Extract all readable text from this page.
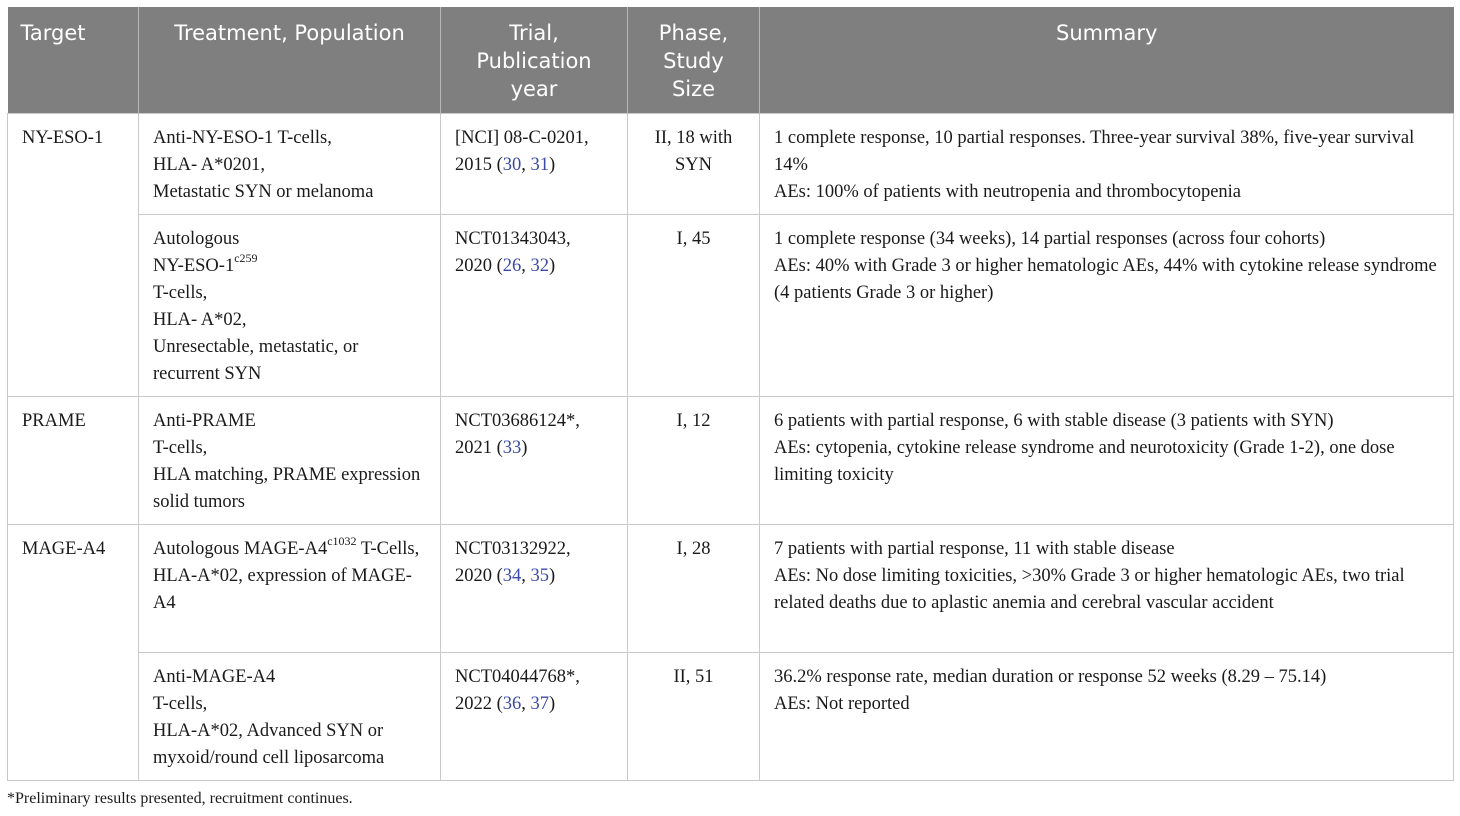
Target	Treatment, Population	Trial,
Publication
year	Phase,
Study
Size	Summary
NY-ESO-1	Anti-NY-ESO-1 T-cells,
HLA- A*0201,
Metastatic SYN or melanoma	[NCI] 08-C-0201,
2015 (30, 31)	II, 18 with
SYN	1 complete response, 10 partial responses. Three-year survival 38%, five-year survival 14%
AEs: 100% of patients with neutropenia and thrombocytopenia

	Autologous
$NY-ESO-1^{c259}$
T-cells,
HLA- A*02,
Unresectable, metastatic, or recurrent SYN	NCT01343043,
2020 (26, 32)	I, 45	1 complete response (34 weeks), 14 partial responses (across four cohorts)
AEs: 40% with Grade 3 or higher hematologic AEs, 44% with cytokine release syndrome (4 patients Grade 3 or higher)

PRAME	Anti-PRAME
T-cells,
HLA matching, PRAME expression solid tumors	NCT03686124*,
2021 (33)	I, 12	6 patients with partial response, 6 with stable disease (3 patients with SYN)
AEs: cytopenia, cytokine release syndrome and neurotoxicity (Grade 1-2), one dose limiting toxicity

MAGE-A4	Autologous MAGE-$A4^{c1032}$ T-Cells,
HLA-A*02, expression of MAGE-A4	NCT03132922,
2020 (34, 35)	I, 28	7 patients with partial response, 11 with stable disease
AEs: No dose limiting toxicities, >30% Grade 3 or higher hematologic AEs, two trial related deaths due to aplastic anemia and cerebral vascular accident

	Anti-MAGE-A4
T-cells,
HLA-A*02, Advanced SYN or myxoid/round cell liposarcoma	NCT04044768*,
2022 (36, 37)	II, 51	36.2% response rate, median duration or response 52 weeks (8.29 – 75.14)
AEs: Not reported
*Preliminary results presented, recruitment continues.
